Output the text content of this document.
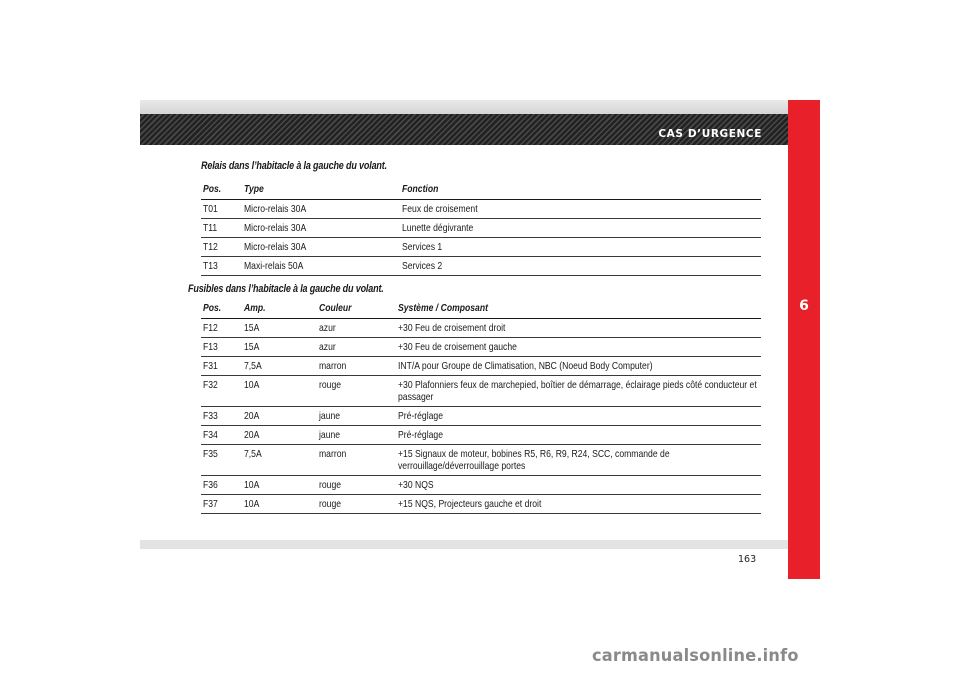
CAS D’URGENCE
6
Relais dans l’habitacle à la gauche du volant.
Pos. Type	Fonction
T01 Micro-relais 30A	Feux de croisement
T11	Micro-relais 30A	Lunette dégivrante
T12 Micro-relais 30A	Services 1
T13 Maxi-relais 50A	Services 2
Fusibles dans l’habitacle à la gauche du volant.
Pos. Amp.	Couleur	Système / Composant
F12 15A	azur	+30 Feu de croisement droit
F13 15A	azur	+30 Feu de croisement gauche
F31 7,5A	marron	INT/A pour Groupe de Climatisation, NBC (Noeud Body Computer)
F32 10A	rouge	+30 Plafonniers feux de marchepied, boîtier de démarrage, éclairage pieds côté conducteur et passager
F33 20A	jaune	Pré-réglage
F34 20A	jaune	Pré-réglage
F35 7,5A	marron	+15 Signaux de moteur, bobines R5, R6, R9, R24, SCC, commande de verrouillage/déverrouillage portes
F36 10A	rouge	+30 NQS
F37 10A	rouge	+15 NQS, Projecteurs gauche et droit
163
carmanualsonline.info
